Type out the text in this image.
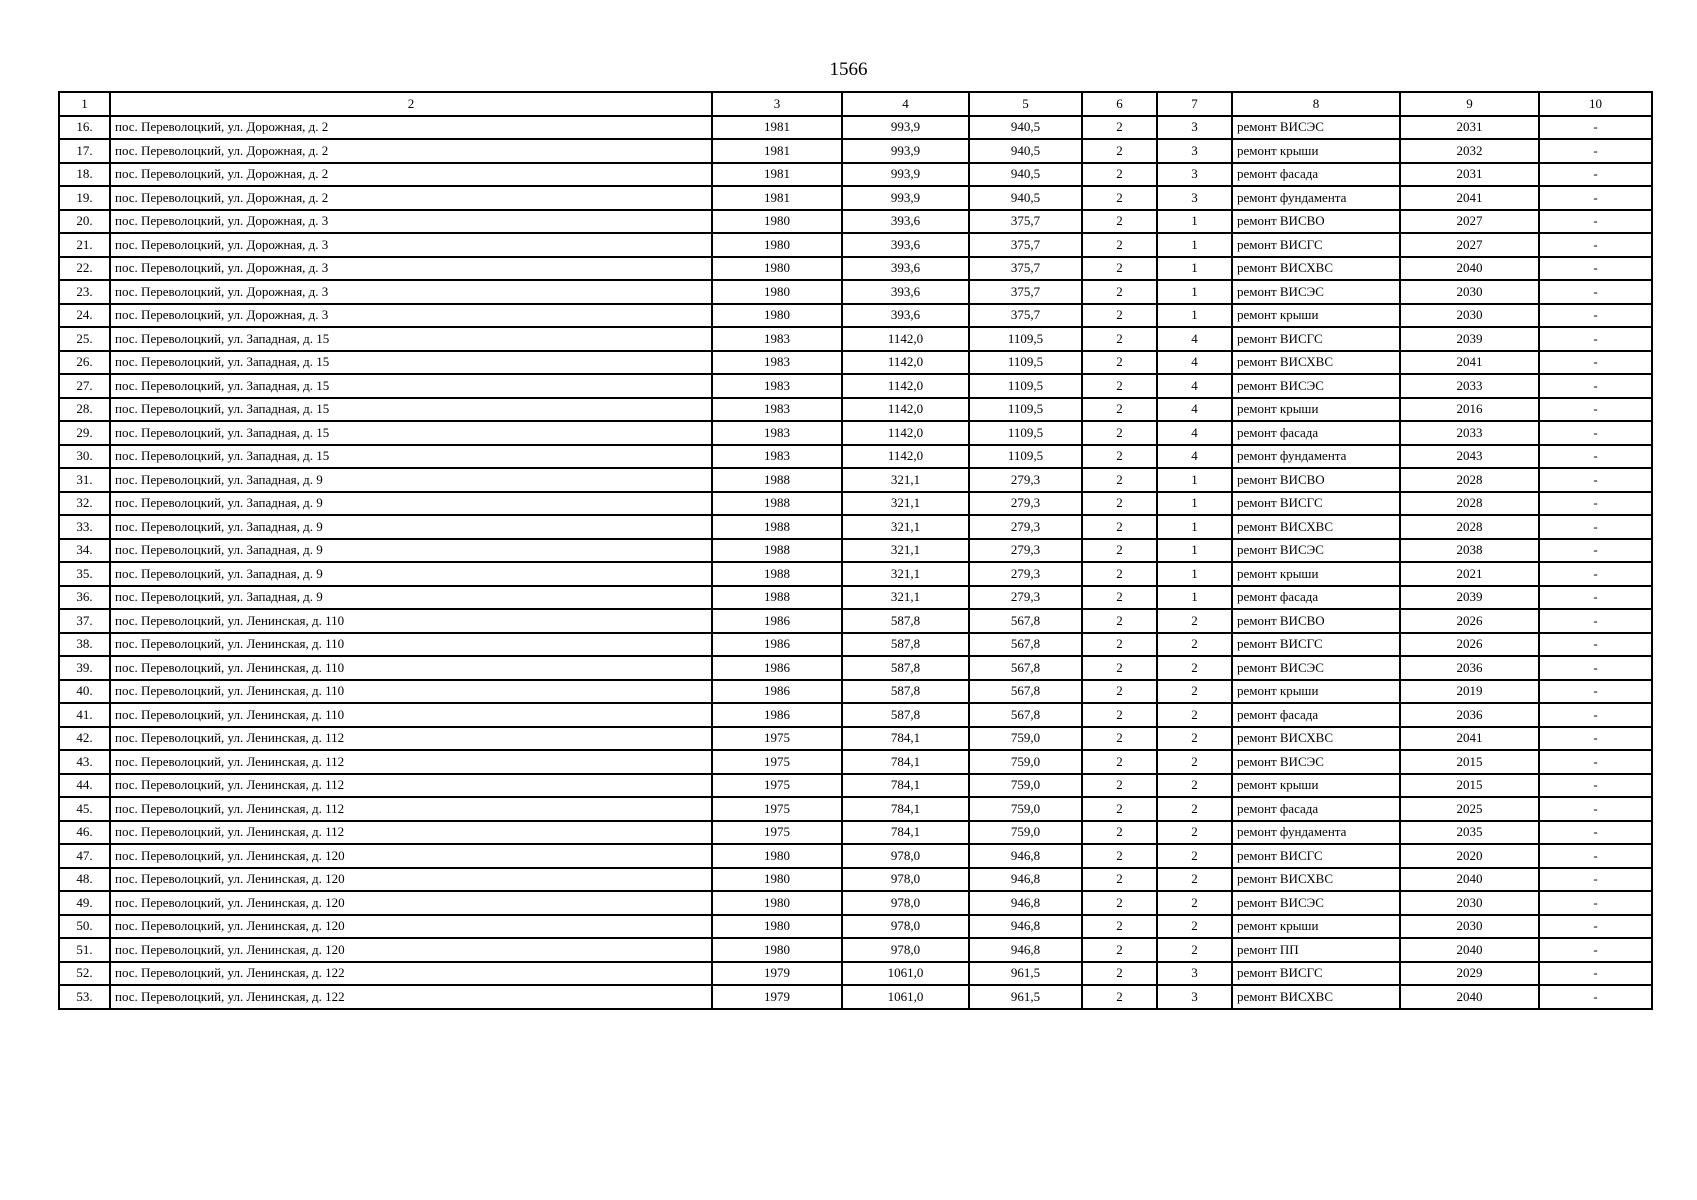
1566
1	2	3	4	5	6	7	8	9	10
16.	пос. Переволоцкий, ул. Дорожная, д. 2	1981	993,9	940,5	2	3	ремонт ВИСЭС	2031	-
17.	пос. Переволоцкий, ул. Дорожная, д. 2	1981	993,9	940,5	2	3	ремонт крыши	2032	-
18.	пос. Переволоцкий, ул. Дорожная, д. 2	1981	993,9	940,5	2	3	ремонт фасада	2031	-
19.	пос. Переволоцкий, ул. Дорожная, д. 2	1981	993,9	940,5	2	3	ремонт фундамента	2041	-
20.	пос. Переволоцкий, ул. Дорожная, д. 3	1980	393,6	375,7	2	1	ремонт ВИСВО	2027	-
21.	пос. Переволоцкий, ул. Дорожная, д. 3	1980	393,6	375,7	2	1	ремонт ВИСГС	2027	-
22.	пос. Переволоцкий, ул. Дорожная, д. 3	1980	393,6	375,7	2	1	ремонт ВИСХВС	2040	-
23.	пос. Переволоцкий, ул. Дорожная, д. 3	1980	393,6	375,7	2	1	ремонт ВИСЭС	2030	-
24.	пос. Переволоцкий, ул. Дорожная, д. 3	1980	393,6	375,7	2	1	ремонт крыши	2030	-
25.	пос. Переволоцкий, ул. Западная, д. 15	1983	1142,0	1109,5	2	4	ремонт ВИСГС	2039	-
26.	пос. Переволоцкий, ул. Западная, д. 15	1983	1142,0	1109,5	2	4	ремонт ВИСХВС	2041	-
27.	пос. Переволоцкий, ул. Западная, д. 15	1983	1142,0	1109,5	2	4	ремонт ВИСЭС	2033	-
28.	пос. Переволоцкий, ул. Западная, д. 15	1983	1142,0	1109,5	2	4	ремонт крыши	2016	-
29.	пос. Переволоцкий, ул. Западная, д. 15	1983	1142,0	1109,5	2	4	ремонт фасада	2033	-
30.	пос. Переволоцкий, ул. Западная, д. 15	1983	1142,0	1109,5	2	4	ремонт фундамента	2043	-
31.	пос. Переволоцкий, ул. Западная, д. 9	1988	321,1	279,3	2	1	ремонт ВИСВО	2028	-
32.	пос. Переволоцкий, ул. Западная, д. 9	1988	321,1	279,3	2	1	ремонт ВИСГС	2028	-
33.	пос. Переволоцкий, ул. Западная, д. 9	1988	321,1	279,3	2	1	ремонт ВИСХВС	2028	-
34.	пос. Переволоцкий, ул. Западная, д. 9	1988	321,1	279,3	2	1	ремонт ВИСЭС	2038	-
35.	пос. Переволоцкий, ул. Западная, д. 9	1988	321,1	279,3	2	1	ремонт крыши	2021	-
36.	пос. Переволоцкий, ул. Западная, д. 9	1988	321,1	279,3	2	1	ремонт фасада	2039	-
37.	пос. Переволоцкий, ул. Ленинская, д. 110	1986	587,8	567,8	2	2	ремонт ВИСВО	2026	-
38.	пос. Переволоцкий, ул. Ленинская, д. 110	1986	587,8	567,8	2	2	ремонт ВИСГС	2026	-
39.	пос. Переволоцкий, ул. Ленинская, д. 110	1986	587,8	567,8	2	2	ремонт ВИСЭС	2036	-
40.	пос. Переволоцкий, ул. Ленинская, д. 110	1986	587,8	567,8	2	2	ремонт крыши	2019	-
41.	пос. Переволоцкий, ул. Ленинская, д. 110	1986	587,8	567,8	2	2	ремонт фасада	2036	-
42.	пос. Переволоцкий, ул. Ленинская, д. 112	1975	784,1	759,0	2	2	ремонт ВИСХВС	2041	-
43.	пос. Переволоцкий, ул. Ленинская, д. 112	1975	784,1	759,0	2	2	ремонт ВИСЭС	2015	-
44.	пос. Переволоцкий, ул. Ленинская, д. 112	1975	784,1	759,0	2	2	ремонт крыши	2015	-
45.	пос. Переволоцкий, ул. Ленинская, д. 112	1975	784,1	759,0	2	2	ремонт фасада	2025	-
46.	пос. Переволоцкий, ул. Ленинская, д. 112	1975	784,1	759,0	2	2	ремонт фундамента	2035	-
47.	пос. Переволоцкий, ул. Ленинская, д. 120	1980	978,0	946,8	2	2	ремонт ВИСГС	2020	-
48.	пос. Переволоцкий, ул. Ленинская, д. 120	1980	978,0	946,8	2	2	ремонт ВИСХВС	2040	-
49.	пос. Переволоцкий, ул. Ленинская, д. 120	1980	978,0	946,8	2	2	ремонт ВИСЭС	2030	-
50.	пос. Переволоцкий, ул. Ленинская, д. 120	1980	978,0	946,8	2	2	ремонт крыши	2030	-
51.	пос. Переволоцкий, ул. Ленинская, д. 120	1980	978,0	946,8	2	2	ремонт ПП	2040	-
52.	пос. Переволоцкий, ул. Ленинская, д. 122	1979	1061,0	961,5	2	3	ремонт ВИСГС	2029	-
53.	пос. Переволоцкий, ул. Ленинская, д. 122	1979	1061,0	961,5	2	3	ремонт ВИСХВС	2040	-
